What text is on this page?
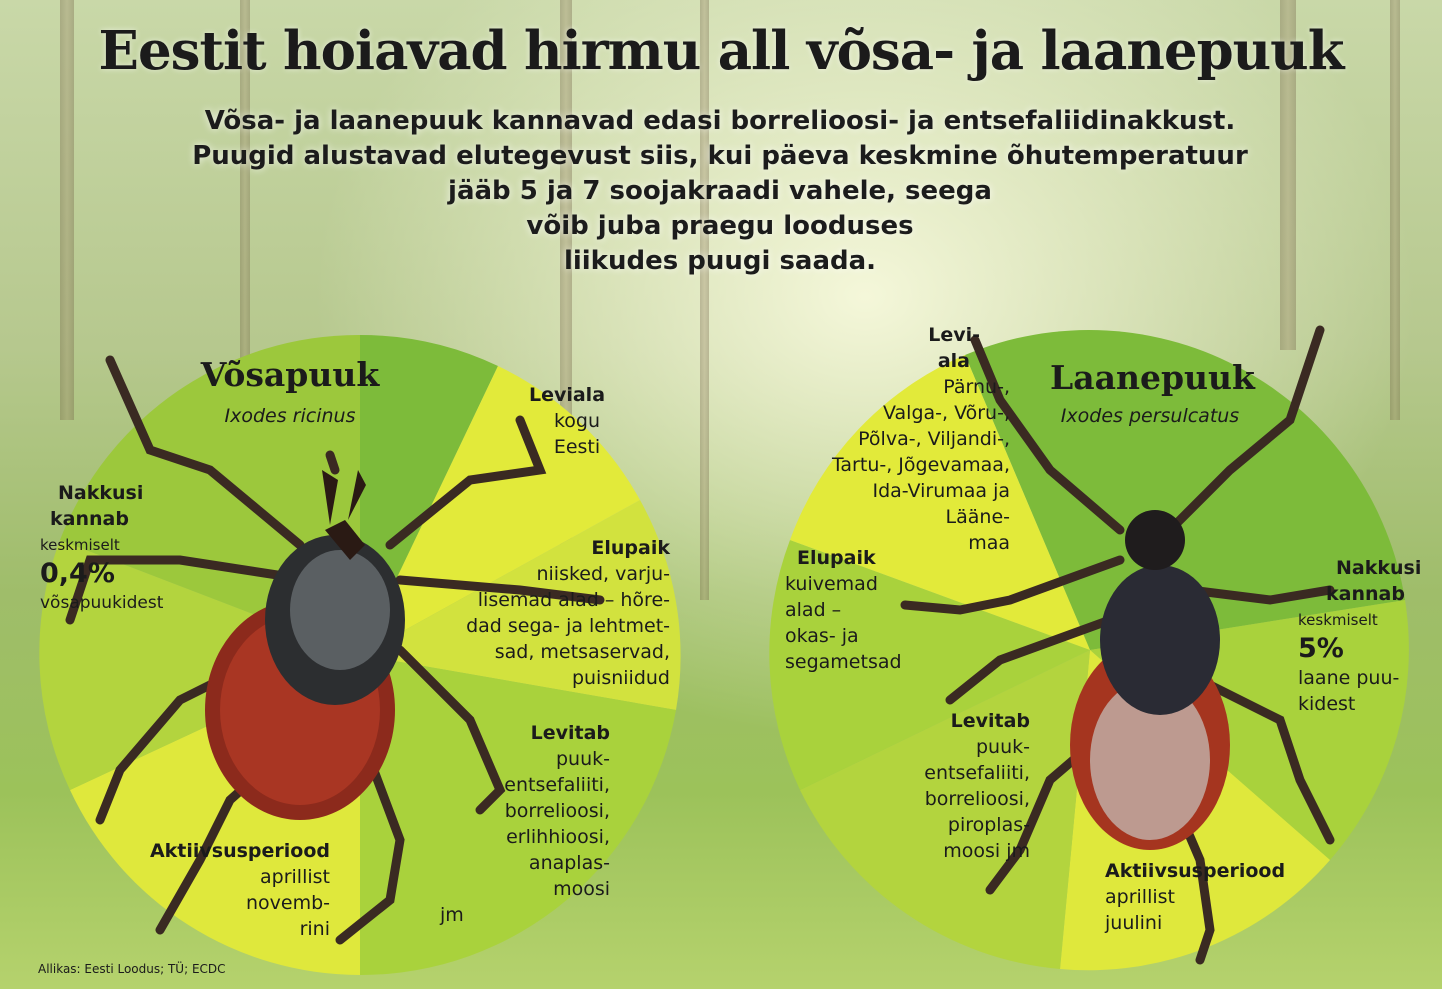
Eestit hoiavad hirmu all võsa- ja laanepuuk
Võsa- ja laanepuuk kannavad edasi borrelioosi- ja entsefaliidinakkust.
Puugid alustavad elutegevust siis, kui päeva keskmine õhutemperatuur
jääb 5 ja 7 soojakraadi vahele, seega
võib juba praegu looduses
liikudes puugi saada.
Võsapuuk
Ixodes ricinus
Nakkusi
kannab
keskmiselt
0,4%
võsapuukidest
Leviala
kogu
Eesti
Elupaik
niisked, varju-
lisemad alad – hõre-
dad sega- ja lehtmet-
sad, metsaservad,
puisniidud
Levitab
puuk-
entsefaliiti,
borrelioosi,
erlihhioosi,
anaplas-
moosi
jm
Aktiivsusperiood
aprillist
novemb-
rini
Laanepuuk
Ixodes persulcatus
Levi-
ala
Pärnu-,
Valga-, Võru-,
Põlva-, Viljandi-,
Tartu-, Jõgevamaa,
Ida-Virumaa ja
Lääne-
maa
Elupaik
kuivemad
alad –
okas- ja
segametsad
Nakkusi
kannab
keskmiselt
5%
laane puu-
kidest
Levitab
puuk-
entsefaliiti,
borrelioosi,
piroplas-
moosi jm
Aktiivsusperiood
aprillist
juulini
Allikas: Eesti Loodus; TÜ; ECDC
